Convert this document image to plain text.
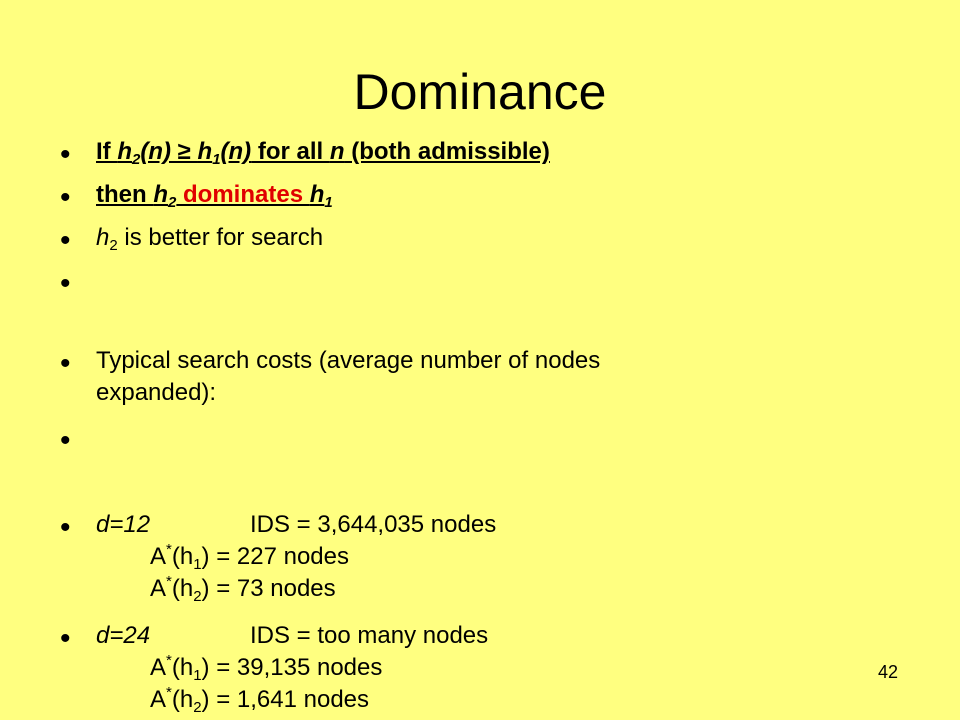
Dominance
• If $h_2(n) \ge h_1(n)$ for all n (both admissible)
• then $h_2$ dominates $h_1$
• $h_2$ is better for search
•
• Typical search costs (average number of nodes
expanded):
•
• d=12	IDS = 3,644,035 nodes
$A^*(h_1) = 227$ nodes
$A^*(h_2) = 73$ nodes
• d=24	IDS = too many nodes
$A^*(h_1) = 39,135$ nodes
$A^*(h_2) = 1,641$ nodes
42
